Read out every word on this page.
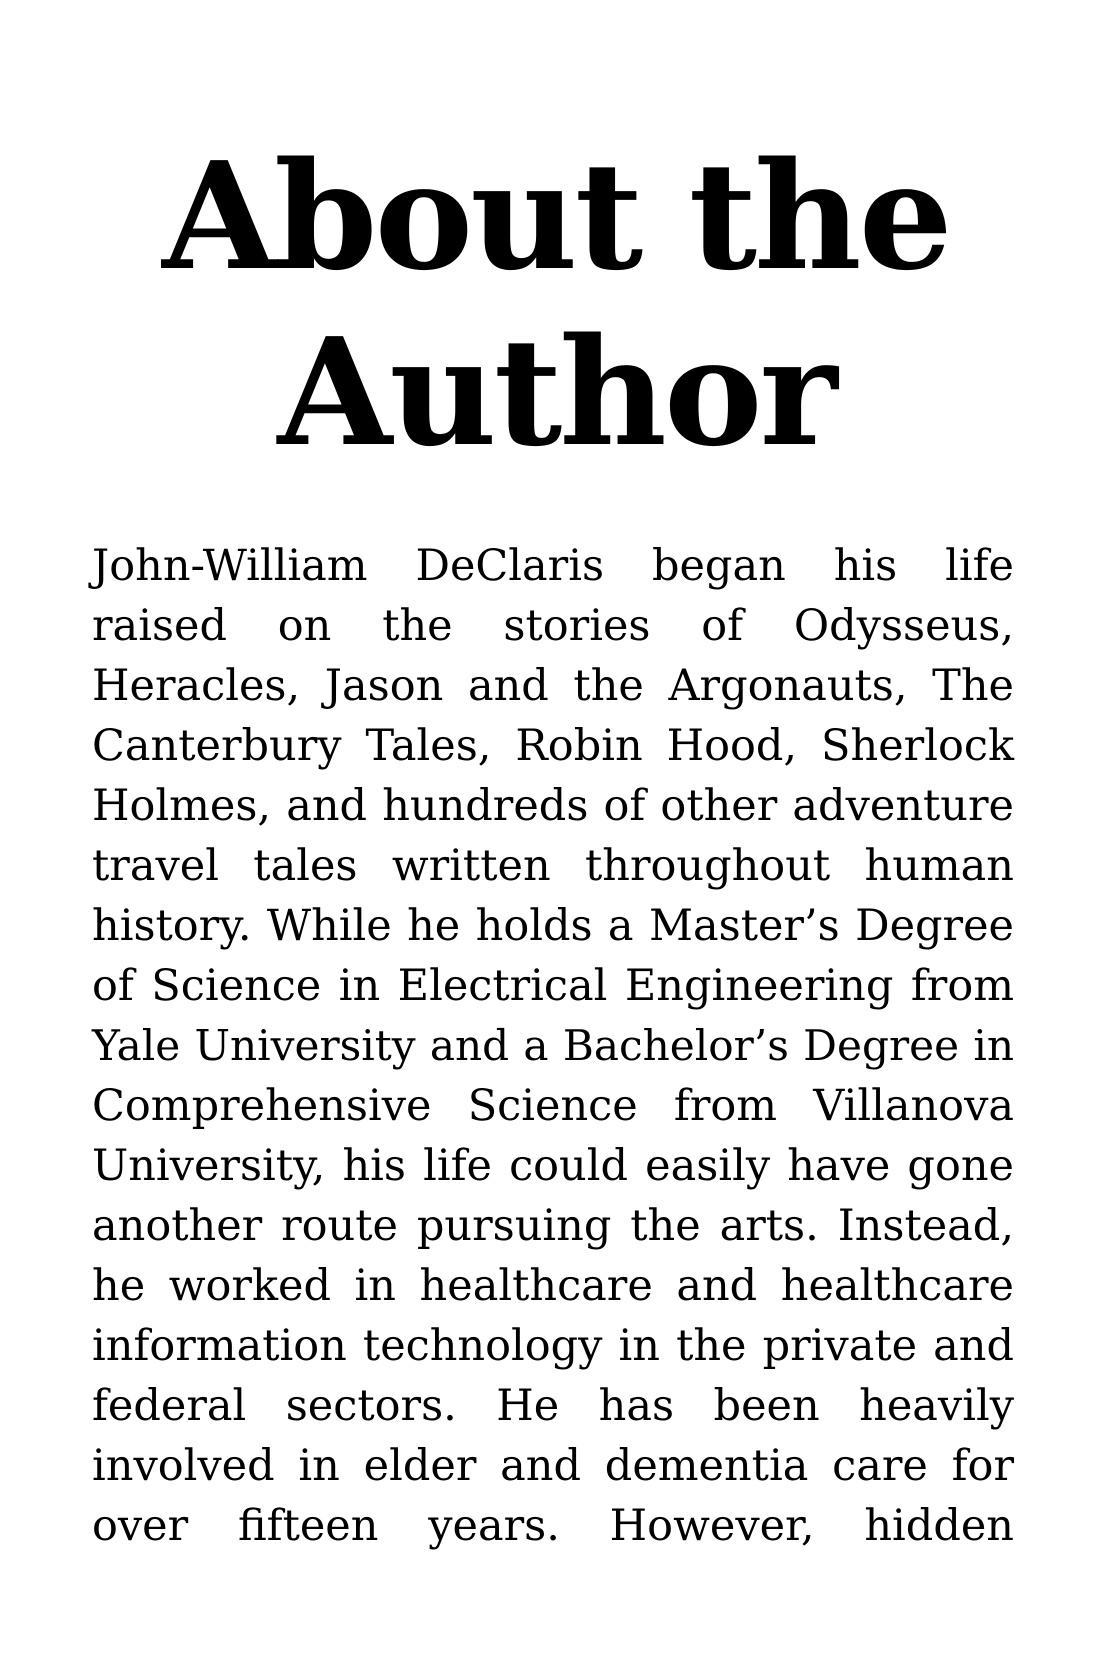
About the
Author
John-William DeClaris began his life
raised on the stories of Odysseus,
Heracles, Jason and the Argonauts, The
Canterbury Tales, Robin Hood, Sherlock
Holmes, and hundreds of other adventure
travel tales written throughout human
history. While he holds a Master’s Degree
of Science in Electrical Engineering from
Yale University and a Bachelor’s Degree in
Comprehensive Science from Villanova
University, his life could easily have gone
another route pursuing the arts. Instead,
he worked in healthcare and healthcare
information technology in the private and
federal sectors. He has been heavily
involved in elder and dementia care for
over fifteen years. However, hidden
